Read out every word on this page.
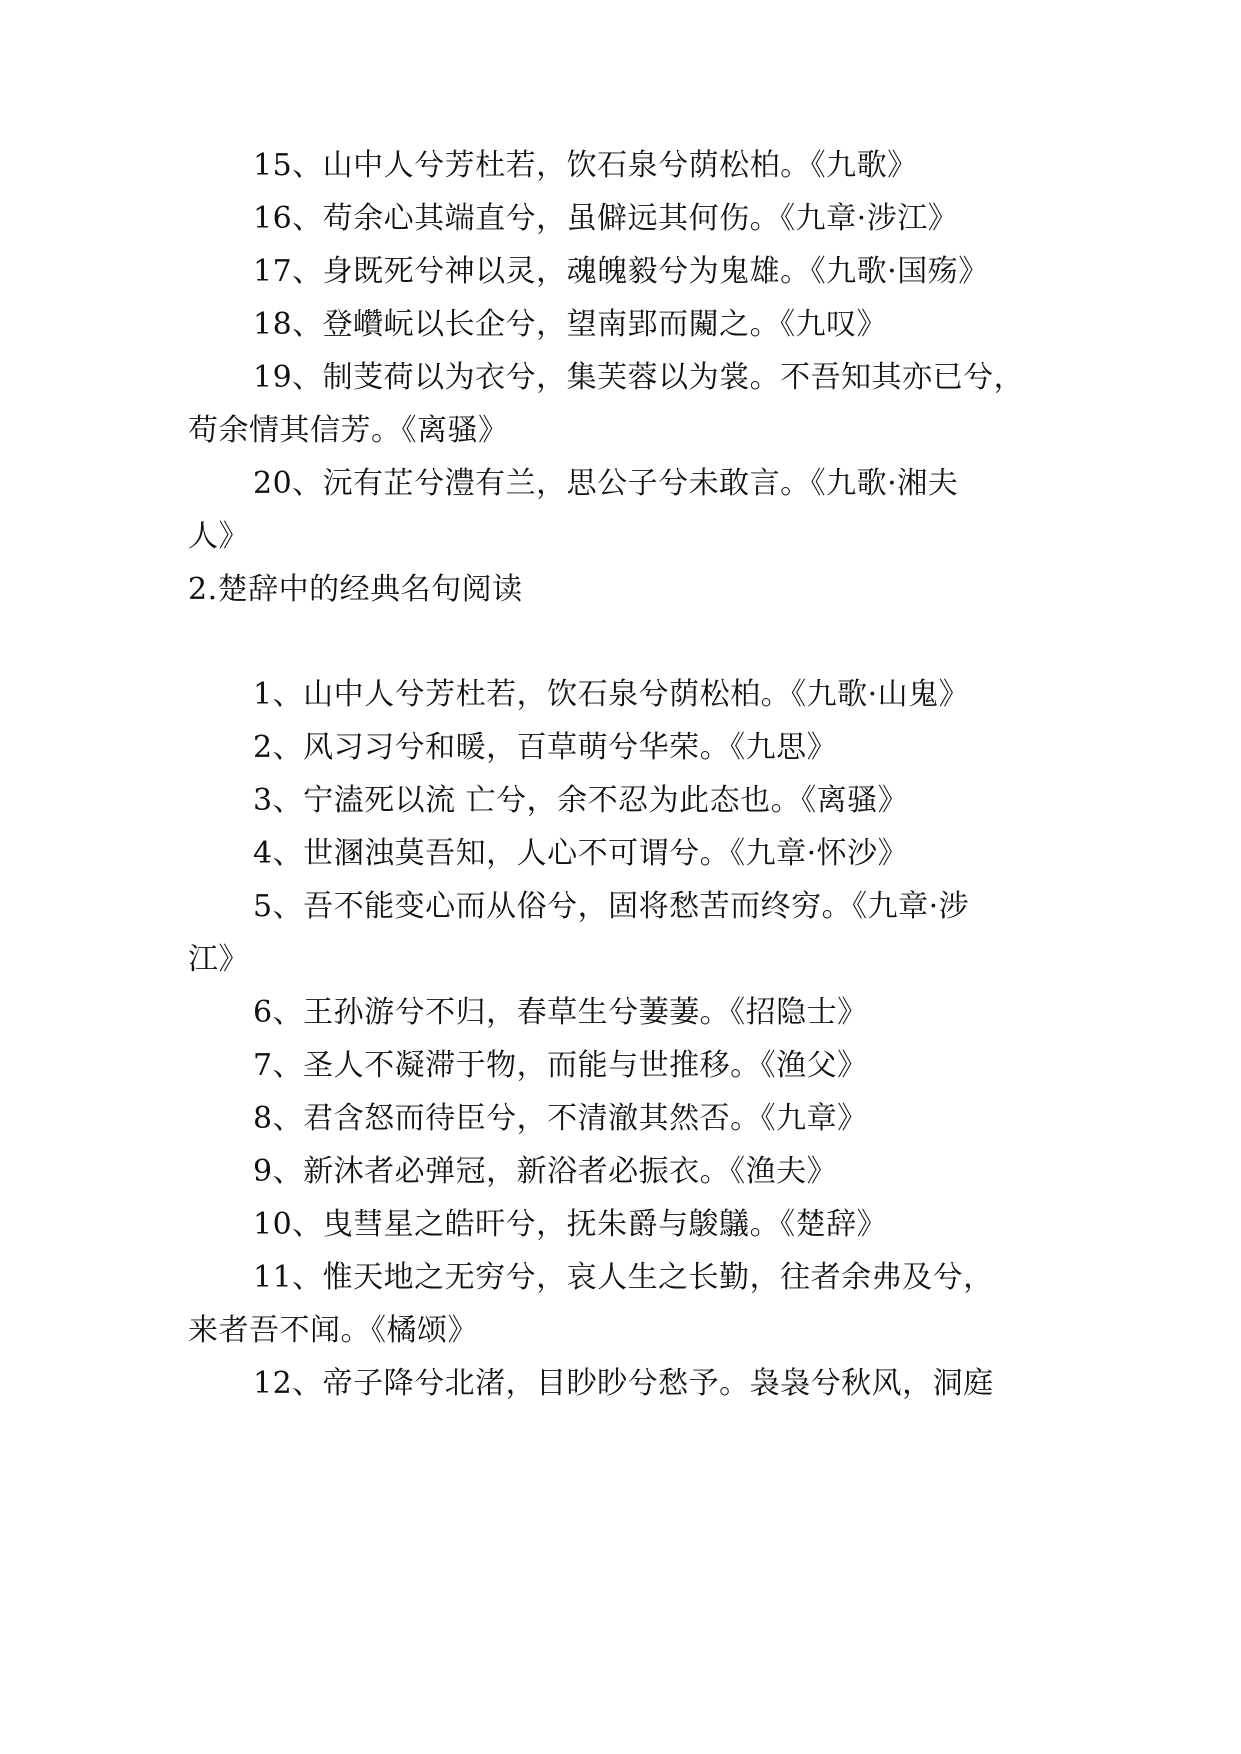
15、山中人兮芳杜若，饮石泉兮荫松柏。《九歌》
16、苟余心其端直兮，虽僻远其何伤。《九章·涉江》
17、身既死兮神以灵，魂魄毅兮为鬼雄。《九歌·国殇》
18、登巑岏以长企兮，望南郢而闚之。《九叹》
19、制芰荷以为衣兮，集芙蓉以为裳。不吾知其亦已兮，
苟余情其信芳。《离骚》
20、沅有芷兮澧有兰，思公子兮未敢言。《九歌·湘夫
人》
2.楚辞中的经典名句阅读
1、山中人兮芳杜若，饮石泉兮荫松柏。《九歌·山鬼》
2、风习习兮和暖，百草萌兮华荣。《九思》
3、宁溘死以流 亡兮，余不忍为此态也。《离骚》
4、世溷浊莫吾知，人心不可谓兮。《九章·怀沙》
5、吾不能变心而从俗兮，固将愁苦而终穷。《九章·涉
江》
6、王孙游兮不归，春草生兮萋萋。《招隐士》
7、圣人不凝滞于物，而能与世推移。《渔父》
8、君含怒而待臣兮，不清澈其然否。《九章》
9、新沐者必弹冠，新浴者必振衣。《渔夫》
10、曳彗星之皓旰兮，抚朱爵与鵔鸃。《楚辞》
11、惟天地之无穷兮，哀人生之长勤，往者余弗及兮，
来者吾不闻。《橘颂》
12、帝子降兮北渚，目眇眇兮愁予。袅袅兮秋风，洞庭
